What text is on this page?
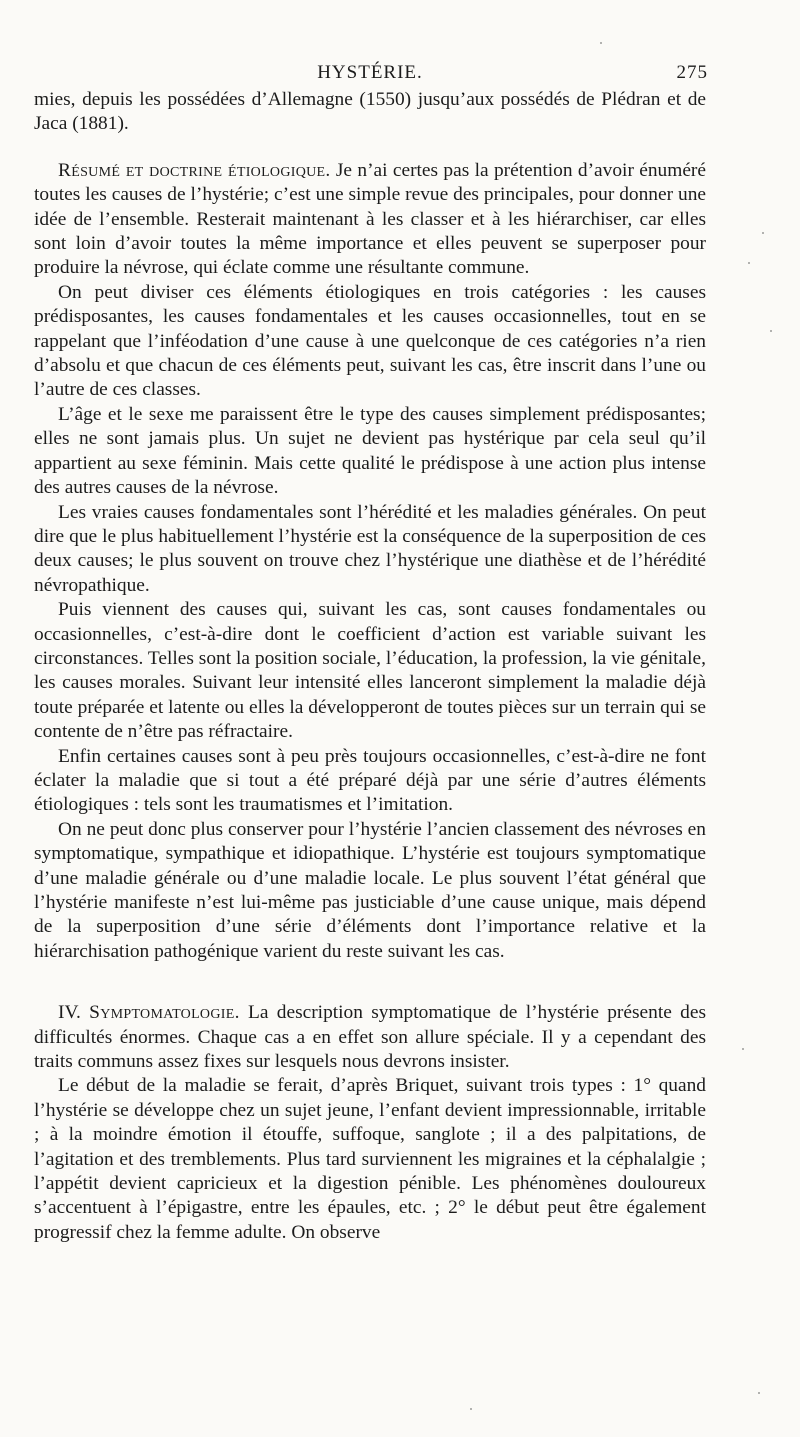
HYSTÉRIE.	275

mies, depuis les possédées d’Allemagne (1550) jusqu’aux possédés de Plédran et de Jaca (1881).

Résumé et doctrine étiologique. Je n’ai certes pas la prétention d’avoir énuméré toutes les causes de l’hystérie; c’est une simple revue des principales, pour donner une idée de l’ensemble. Resterait maintenant à les classer et à les hiérarchiser, car elles sont loin d’avoir toutes la même importance et elles peuvent se superposer pour produire la névrose, qui éclate comme une résultante commune.

On peut diviser ces éléments étiologiques en trois catégories : les causes prédisposantes, les causes fondamentales et les causes occasionnelles, tout en se rappelant que l’inféodation d’une cause à une quelconque de ces catégories n’a rien d’absolu et que chacun de ces éléments peut, suivant les cas, être inscrit dans l’une ou l’autre de ces classes.

L’âge et le sexe me paraissent être le type des causes simplement prédisposantes; elles ne sont jamais plus. Un sujet ne devient pas hystérique par cela seul qu’il appartient au sexe féminin. Mais cette qualité le prédispose à une action plus intense des autres causes de la névrose.

Les vraies causes fondamentales sont l’hérédité et les maladies générales. On peut dire que le plus habituellement l’hystérie est la conséquence de la superposition de ces deux causes; le plus souvent on trouve chez l’hystérique une diathèse et de l’hérédité névropathique.

Puis viennent des causes qui, suivant les cas, sont causes fondamentales ou occasionnelles, c’est-à-dire dont le coefficient d’action est variable suivant les circonstances. Telles sont la position sociale, l’éducation, la profession, la vie génitale, les causes morales. Suivant leur intensité elles lanceront simplement la maladie déjà toute préparée et latente ou elles la développeront de toutes pièces sur un terrain qui se contente de n’être pas réfractaire.

Enfin certaines causes sont à peu près toujours occasionnelles, c’est-à-dire ne font éclater la maladie que si tout a été préparé déjà par une série d’autres éléments étiologiques : tels sont les traumatismes et l’imitation.

On ne peut donc plus conserver pour l’hystérie l’ancien classement des névroses en symptomatique, sympathique et idiopathique. L’hystérie est toujours symptomatique d’une maladie générale ou d’une maladie locale. Le plus souvent l’état général que l’hystérie manifeste n’est lui-même pas justiciable d’une cause unique, mais dépend de la superposition d’une série d’éléments dont l’importance relative et la hiérarchisation pathogénique varient du reste suivant les cas.

IV. Symptomatologie. La description symptomatique de l’hystérie présente des difficultés énormes. Chaque cas a en effet son allure spéciale. Il y a cependant des traits communs assez fixes sur lesquels nous devrons insister.

Le début de la maladie se ferait, d’après Briquet, suivant trois types : 1° quand l’hystérie se développe chez un sujet jeune, l’enfant devient impressionnable, irritable ; à la moindre émotion il étouffe, suffoque, sanglote ; il a des palpitations, de l’agitation et des tremblements. Plus tard surviennent les migraines et la céphalalgie ; l’appétit devient capricieux et la digestion pénible. Les phénomènes douloureux s’accentuent à l’épigastre, entre les épaules, etc. ; 2° le début peut être également progressif chez la femme adulte. On observe
